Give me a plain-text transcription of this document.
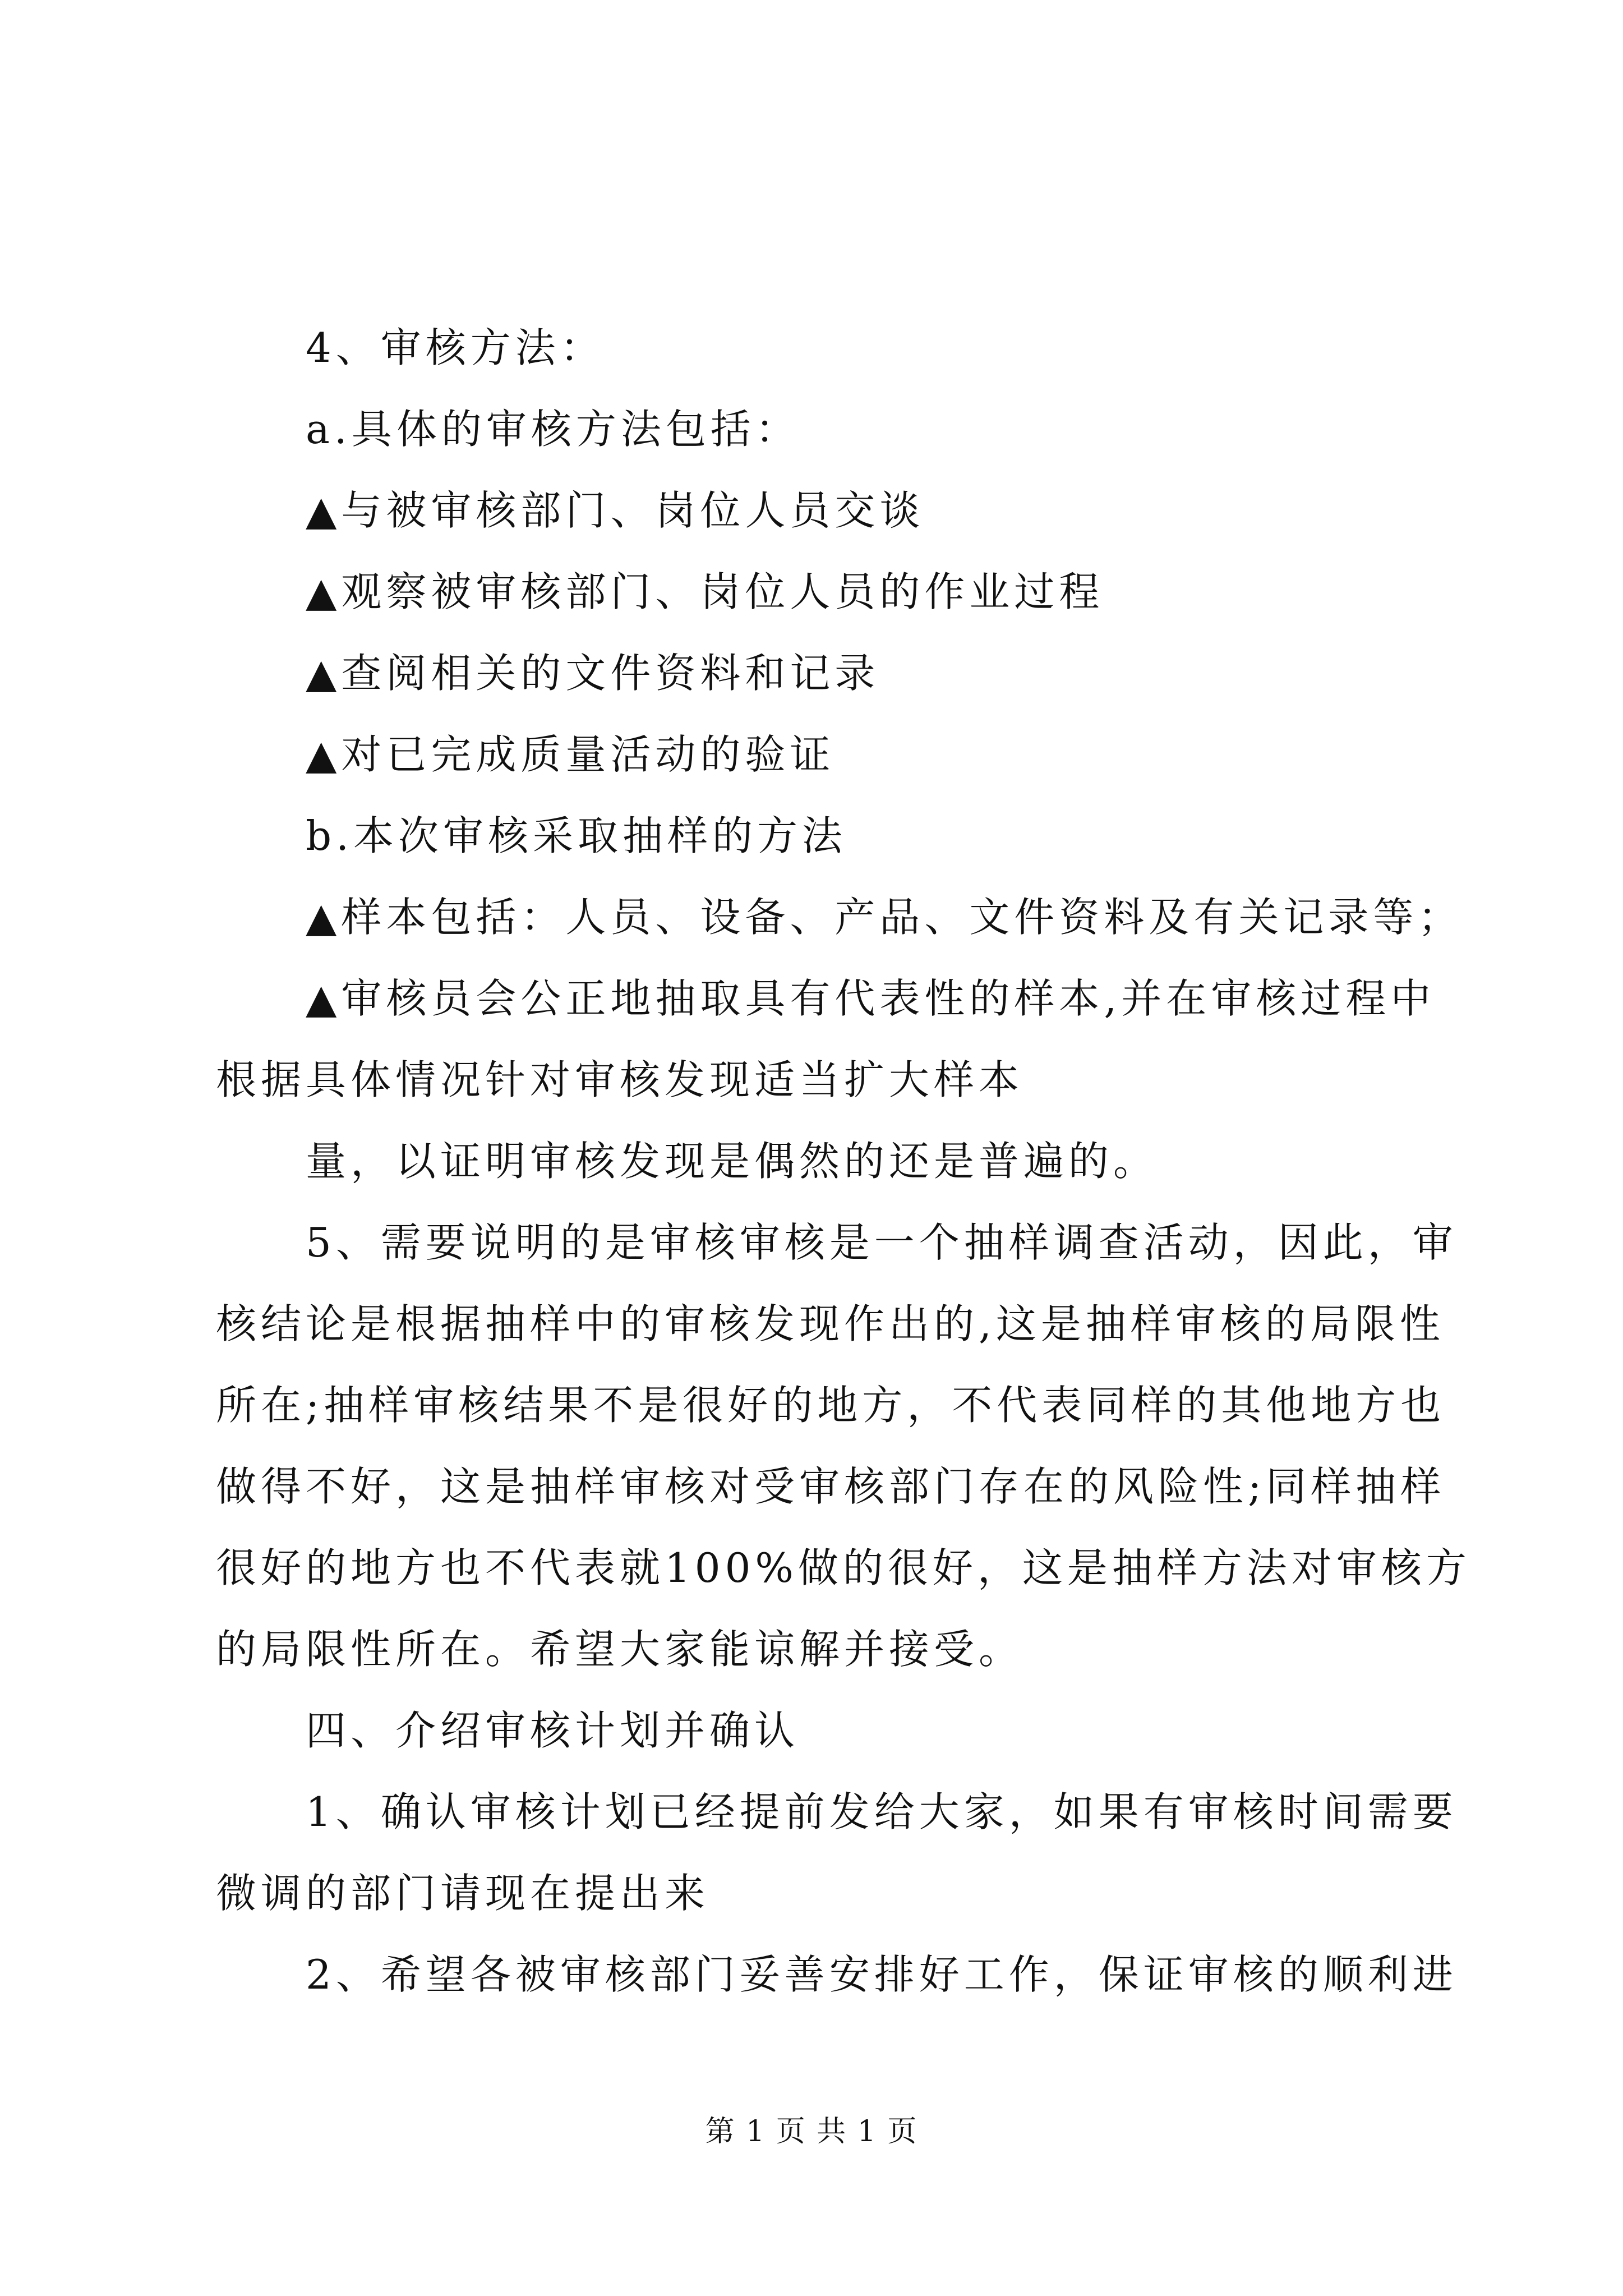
4、审核方法：
a.具体的审核方法包括：
▲与被审核部门、岗位人员交谈
▲观察被审核部门、岗位人员的作业过程
▲查阅相关的文件资料和记录
▲对已完成质量活动的验证
b.本次审核采取抽样的方法
▲样本包括：人员、设备、产品、文件资料及有关记录等；
▲审核员会公正地抽取具有代表性的样本,并在审核过程中
根据具体情况针对审核发现适当扩大样本
量，以证明审核发现是偶然的还是普遍的。
5、需要说明的是审核审核是一个抽样调查活动，因此，审
核结论是根据抽样中的审核发现作出的,这是抽样审核的局限性
所在;抽样审核结果不是很好的地方，不代表同样的其他地方也
做得不好，这是抽样审核对受审核部门存在的风险性;同样抽样
很好的地方也不代表就100%做的很好，这是抽样方法对审核方
的局限性所在。希望大家能谅解并接受。
四、介绍审核计划并确认
1、确认审核计划已经提前发给大家，如果有审核时间需要
微调的部门请现在提出来
2、希望各被审核部门妥善安排好工作，保证审核的顺利进
第 1 页 共 1 页
